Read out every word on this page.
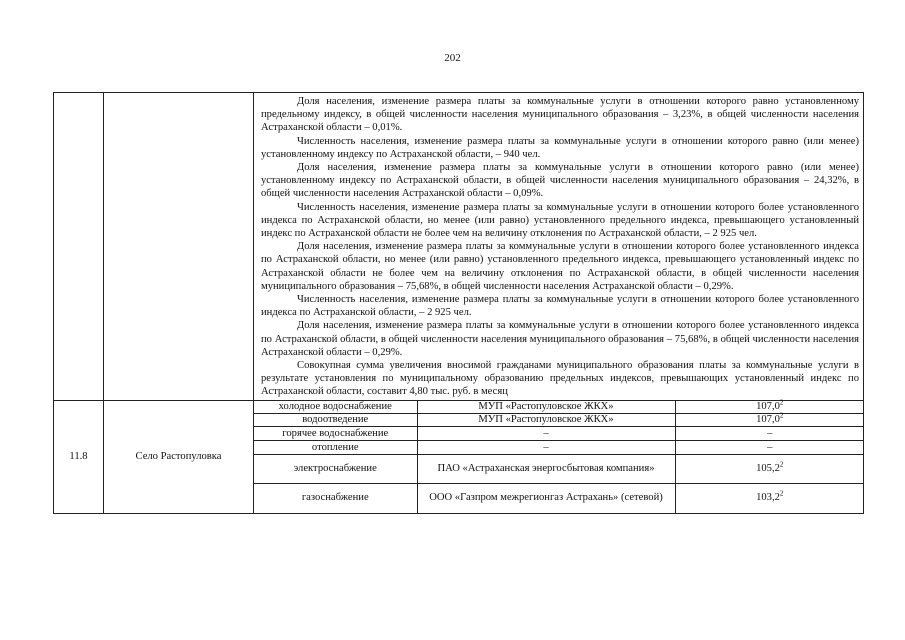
202

Доля населения, изменение размера платы за коммунальные услуги в отношении которого равно установленному предельному индексу, в общей численности населения муниципального образования – 3,23%, в общей численности населения Астраханской области – 0,01%.

Численность населения, изменение размера платы за коммунальные услуги в отношении которого равно (или менее) установленному индексу по Астраханской области, – 940 чел.

Доля населения, изменение размера платы за коммунальные услуги в отношении которого равно (или менее) установленному индексу по Астраханской области, в общей численности населения муниципального образования – 24,32%, в общей численности населения Астраханской области – 0,09%.

Численность населения, изменение размера платы за коммунальные услуги в отношении которого более установленного индекса по Астраханской области, но менее (или равно) установленного предельного индекса, превышающего установленный индекс по Астраханской области не более чем на величину отклонения по Астраханской области, – 2 925 чел.

Доля населения, изменение размера платы за коммунальные услуги в отношении которого более установленного индекса по Астраханской области, но менее (или равно) установленного предельного индекса, превышающего установленный индекс по Астраханской области не более чем на величину отклонения по Астраханской области, в общей численности населения муниципального образования – 75,68%, в общей численности населения Астраханской области – 0,29%.

Численность населения, изменение размера платы за коммунальные услуги в отношении которого более установленного индекса по Астраханской области, – 2 925 чел.

Доля населения, изменение размера платы за коммунальные услуги в отношении которого более установленного индекса по Астраханской области, в общей численности населения муниципального образования – 75,68%, в общей численности населения Астраханской области – 0,29%.

Совокупная сумма увеличения вносимой гражданами муниципального образования платы за коммунальные услуги в результате установления по муниципальному образованию предельных индексов, превышающих установленный индекс по Астраханской области, составит 4,80 тыс. руб. в месяц

11.8	Село Растопуловка	
холодное водоснабжение	МУП «Растопуловское ЖКХ»	107,0$^2$
водоотведение	МУП «Растопуловское ЖКХ»	107,0$^2$
горячее водоснабжение	–	–
отопление	–	–
электроснабжение	ПАО «Астраханская энергосбытовая компания»	105,2$^2$
газоснабжение	ООО «Газпром межрегионгаз Астрахань» (сетевой)	103,2$^2$
